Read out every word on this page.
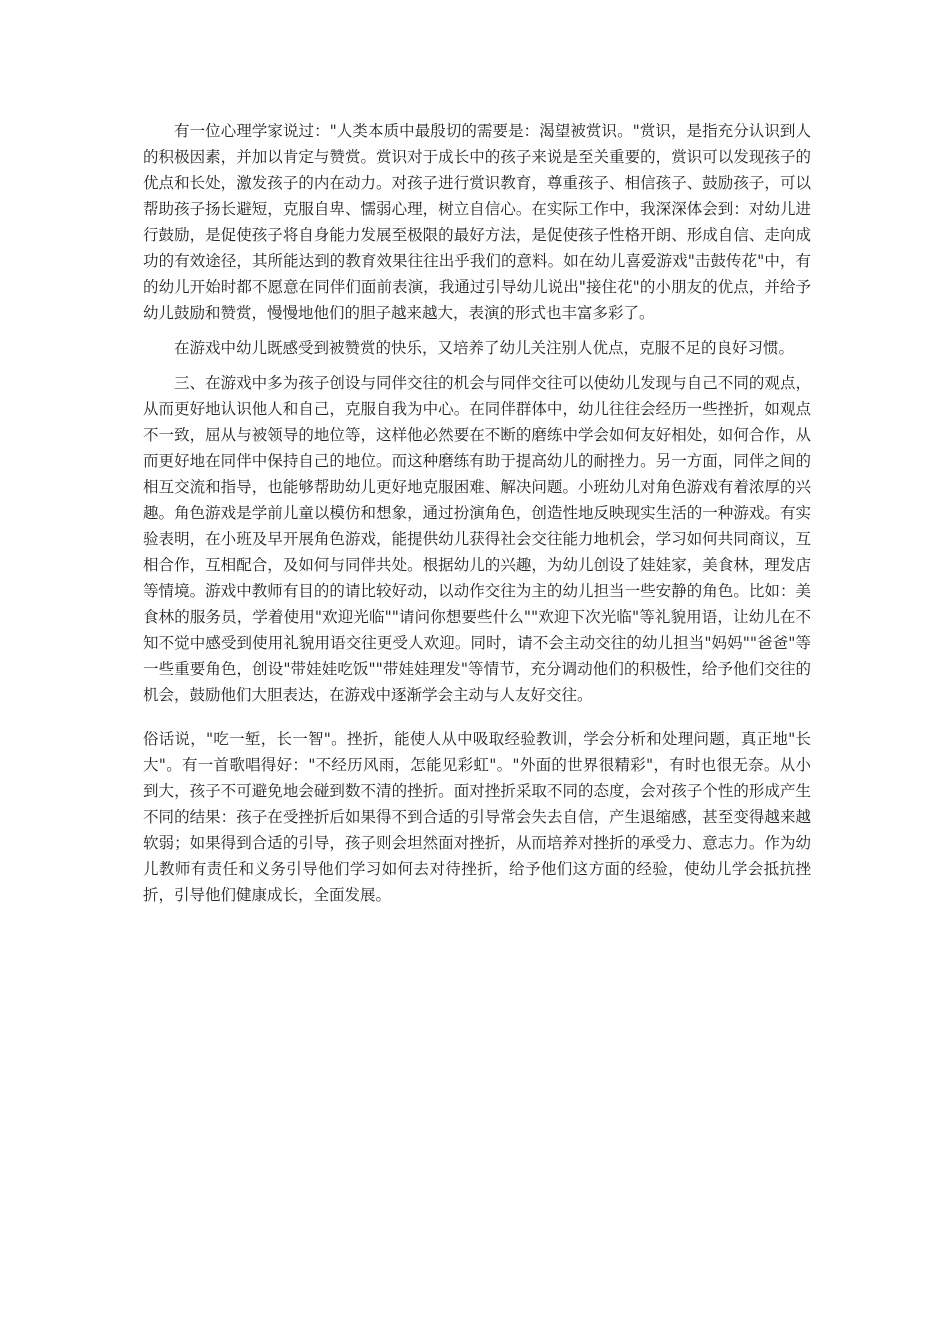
有一位心理学家说过："人类本质中最殷切的需要是：渴望被赏识。"赏识，是指充分认识到人的积极因素，并加以肯定与赞赏。赏识对于成长中的孩子来说是至关重要的，赏识可以发现孩子的优点和长处，激发孩子的内在动力。对孩子进行赏识教育，尊重孩子、相信孩子、鼓励孩子，可以帮助孩子扬长避短，克服自卑、懦弱心理，树立自信心。在实际工作中，我深深体会到：对幼儿进行鼓励，是促使孩子将自身能力发展至极限的最好方法，是促使孩子性格开朗、形成自信、走向成功的有效途径，其所能达到的教育效果往往出乎我们的意料。如在幼儿喜爱游戏"击鼓传花"中，有的幼儿开始时都不愿意在同伴们面前表演，我通过引导幼儿说出"接住花"的小朋友的优点，并给予幼儿鼓励和赞赏，慢慢地他们的胆子越来越大，表演的形式也丰富多彩了。

在游戏中幼儿既感受到被赞赏的快乐，又培养了幼儿关注别人优点，克服不足的良好习惯。

三、在游戏中多为孩子创设与同伴交往的机会与同伴交往可以使幼儿发现与自己不同的观点，从而更好地认识他人和自己，克服自我为中心。在同伴群体中，幼儿往往会经历一些挫折，如观点不一致，屈从与被领导的地位等，这样他必然要在不断的磨练中学会如何友好相处，如何合作，从而更好地在同伴中保持自己的地位。而这种磨练有助于提高幼儿的耐挫力。另一方面，同伴之间的相互交流和指导，也能够帮助幼儿更好地克服困难、解决问题。小班幼儿对角色游戏有着浓厚的兴趣。角色游戏是学前儿童以模仿和想象，通过扮演角色，创造性地反映现实生活的一种游戏。有实验表明，在小班及早开展角色游戏，能提供幼儿获得社会交往能力地机会，学习如何共同商议，互相合作，互相配合，及如何与同伴共处。根据幼儿的兴趣，为幼儿创设了娃娃家，美食林，理发店等情境。游戏中教师有目的的请比较好动，以动作交往为主的幼儿担当一些安静的角色。比如：美食林的服务员，学着使用"欢迎光临""请问你想要些什么""欢迎下次光临"等礼貌用语，让幼儿在不知不觉中感受到使用礼貌用语交往更受人欢迎。同时，请不会主动交往的幼儿担当"妈妈""爸爸"等一些重要角色，创设"带娃娃吃饭""带娃娃理发"等情节，充分调动他们的积极性，给予他们交往的机会，鼓励他们大胆表达，在游戏中逐渐学会主动与人友好交往。

俗话说，"吃一堑，长一智"。挫折，能使人从中吸取经验教训，学会分析和处理问题，真正地"长大"。有一首歌唱得好："不经历风雨，怎能见彩虹"。"外面的世界很精彩"，有时也很无奈。从小到大，孩子不可避免地会碰到数不清的挫折。面对挫折采取不同的态度，会对孩子个性的形成产生不同的结果：孩子在受挫折后如果得不到合适的引导常会失去自信，产生退缩感，甚至变得越来越软弱；如果得到合适的引导，孩子则会坦然面对挫折，从而培养对挫折的承受力、意志力。作为幼儿教师有责任和义务引导他们学习如何去对待挫折，给予他们这方面的经验，使幼儿学会抵抗挫折，引导他们健康成长，全面发展。
